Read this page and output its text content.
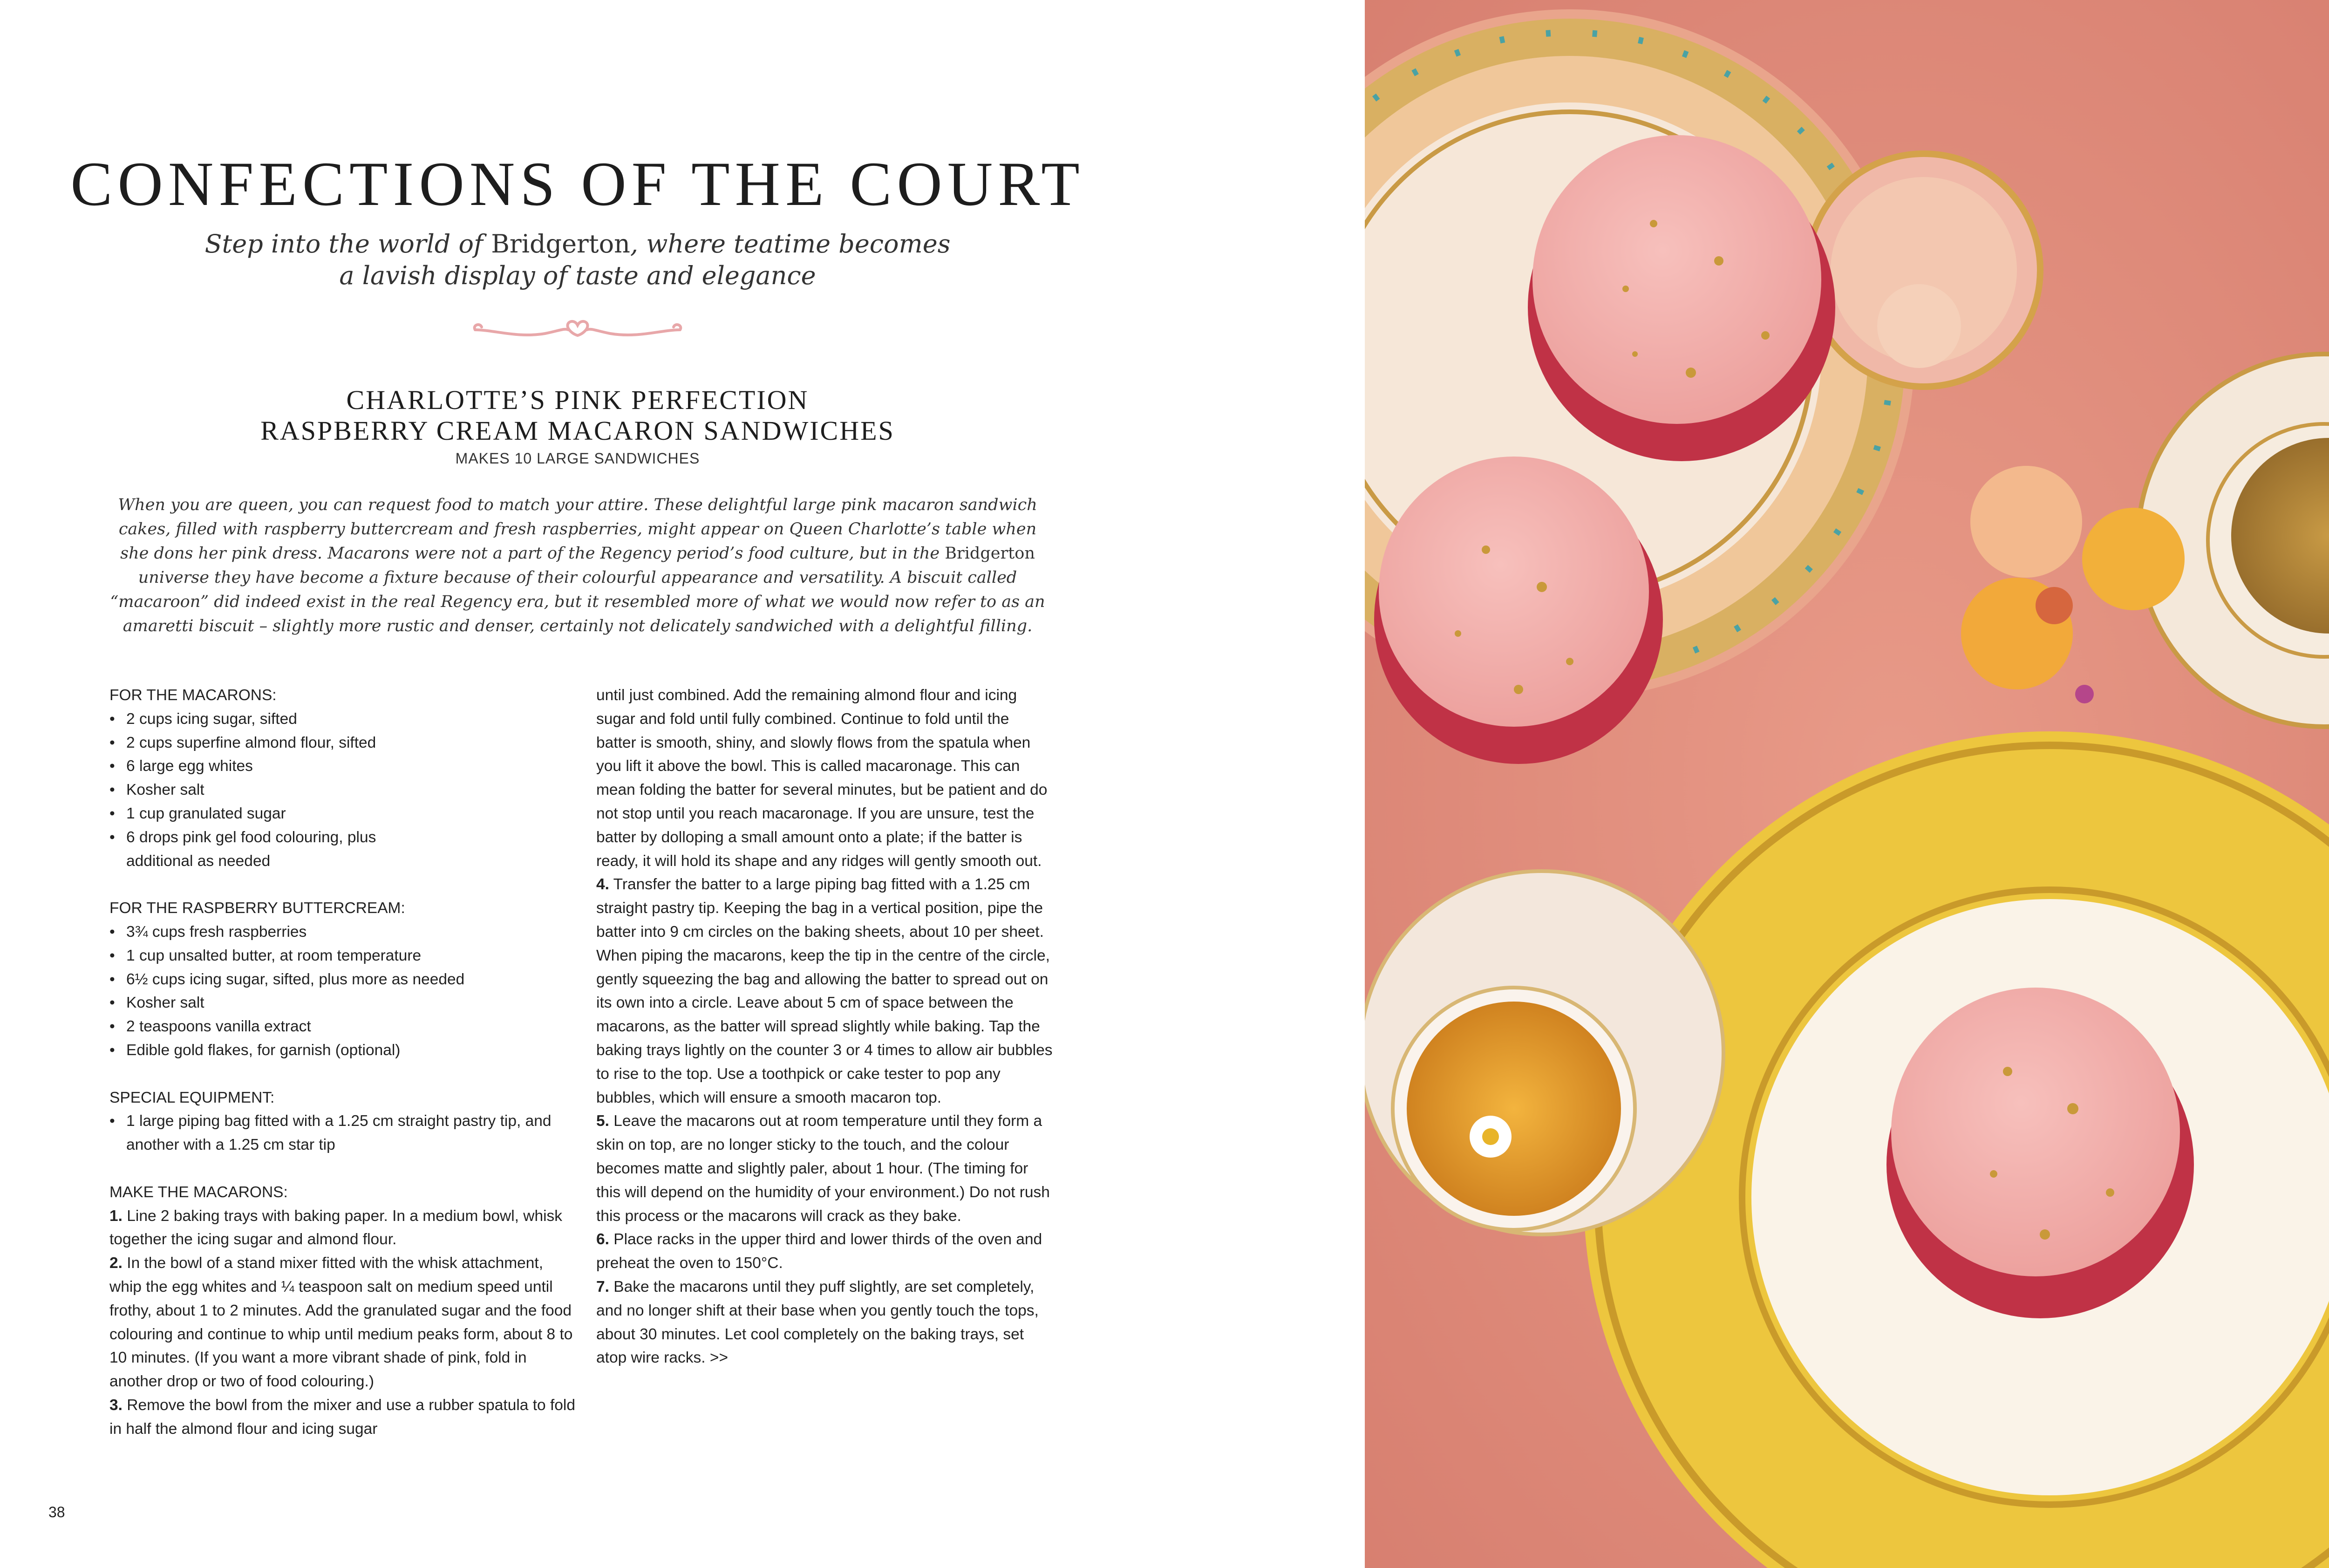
CONFECTIONS OF THE COURT
Step into the world of Bridgerton, where teatime becomes
a lavish display of taste and elegance
CHARLOTTE’S PINK PERFECTION
RASPBERRY CREAM MACARON SANDWICHES
MAKES 10 LARGE SANDWICHES
When you are queen, you can request food to match your attire. These delightful large pink macaron sandwich cakes, filled with raspberry buttercream and fresh raspberries, might appear on Queen Charlotte’s table when she dons her pink dress. Macarons were not a part of the Regency period’s food culture, but in the Bridgerton universe they have become a fixture because of their colourful appearance and versatility. A biscuit called “macaroon” did indeed exist in the real Regency era, but it resembled more of what we would now refer to as an amaretti biscuit – slightly more rustic and denser, certainly not delicately sandwiched with a delightful filling.
FOR THE MACARONS:
• 2 cups icing sugar, sifted
• 2 cups superfine almond flour, sifted
• 6 large egg whites
• Kosher salt
• 1 cup granulated sugar
• 6 drops pink gel food colouring, plus additional as needed
FOR THE RASPBERRY BUTTERCREAM:
• 3¾ cups fresh raspberries
• 1 cup unsalted butter, at room temperature
• 6½ cups icing sugar, sifted, plus more as needed
• Kosher salt
• 2 teaspoons vanilla extract
• Edible gold flakes, for garnish (optional)
SPECIAL EQUIPMENT:
• 1 large piping bag fitted with a 1.25 cm straight pastry tip, and another with a 1.25 cm star tip
MAKE THE MACARONS:

1. Line 2 baking trays with baking paper. In a medium bowl, whisk together the icing sugar and almond flour.

2. In the bowl of a stand mixer fitted with the whisk attachment, whip the egg whites and ¼ teaspoon salt on medium speed until frothy, about 1 to 2 minutes. Add the granulated sugar and the food colouring and continue to whip until medium peaks form, about 8 to 10 minutes. (If you want a more vibrant shade of pink, fold in another drop or two of food colouring.)

3. Remove the bowl from the mixer and use a rubber spatula to fold in half the almond flour and icing sugar

until just combined. Add the remaining almond flour and icing sugar and fold until fully combined. Continue to fold until the batter is smooth, shiny, and slowly flows from the spatula when you lift it above the bowl. This is called macaronage. This can mean folding the batter for several minutes, but be patient and do not stop until you reach macaronage. If you are unsure, test the batter by dolloping a small amount onto a plate; if the batter is ready, it will hold its shape and any ridges will gently smooth out.

4. Transfer the batter to a large piping bag fitted with a 1.25 cm straight pastry tip. Keeping the bag in a vertical position, pipe the batter into 9 cm circles on the baking sheets, about 10 per sheet. When piping the macarons, keep the tip in the centre of the circle, gently squeezing the bag and allowing the batter to spread out on its own into a circle. Leave about 5 cm of space between the macarons, as the batter will spread slightly while baking. Tap the baking trays lightly on the counter 3 or 4 times to allow air bubbles to rise to the top. Use a toothpick or cake tester to pop any bubbles, which will ensure a smooth macaron top.

5. Leave the macarons out at room temperature until they form a skin on top, are no longer sticky to the touch, and the colour becomes matte and slightly paler, about 1 hour. (The timing for this will depend on the humidity of your environment.) Do not rush this process or the macarons will crack as they bake.

6. Place racks in the upper third and lower thirds of the oven and preheat the oven to 150°C.

7. Bake the macarons until they puff slightly, are set completely, and no longer shift at their base when you gently touch the tops, about 30 minutes. Let cool completely on the baking trays, set atop wire racks. >>

38
